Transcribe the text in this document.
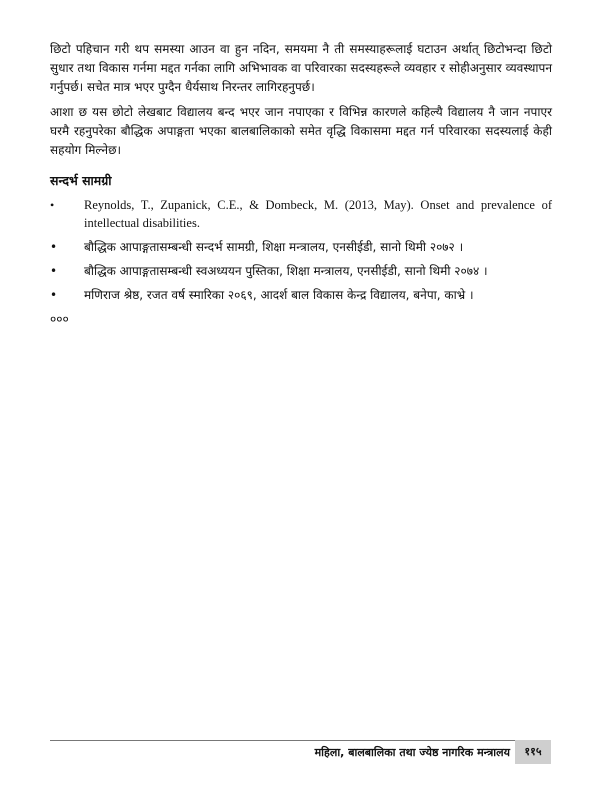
छिटो पहिचान गरी थप समस्या आउन वा हुन नदिन, समयमा नै ती समस्याहरूलाई घटाउन अर्थात् छिटोभन्दा छिटो सुधार तथा विकास गर्नमा मद्दत गर्नका लागि अभिभावक वा परिवारका सदस्यहरूले व्यवहार र सोहीअनुसार व्यवस्थापन गर्नुपर्छ। सचेत मात्र भएर पुग्दैन धैर्यसाथ निरन्तर लागिरहनुपर्छ।

आशा छ यस छोटो लेखबाट विद्यालय बन्द भएर जान नपाएका र विभिन्न कारणले कहिल्यै विद्यालय नै जान नपाएर घरमै रहनुपरेका बौद्धिक अपाङ्गता भएका बालबालिकाको समेत वृद्धि विकासमा मद्दत गर्न परिवारका सदस्यलाई केही सहयोग मिल्नेछ।

सन्दर्भ सामग्री
• Reynolds, T., Zupanick, C.E., & Dombeck, M. (2013, May). Onset and prevalence of intellectual disabilities.
• बौद्धिक आपाङ्गतासम्बन्धी सन्दर्भ सामग्री, शिक्षा मन्त्रालय, एनसीईडी, सानो थिमी २०७२ ।
• बौद्धिक आपाङ्गतासम्बन्धी स्वअध्ययन पुस्तिका, शिक्षा मन्त्रालय, एनसीईडी, सानो थिमी २०७४ ।
• मणिराज श्रेष्ठ, रजत वर्ष स्मारिका २०६९, आदर्श बाल विकास केन्द्र विद्यालय, बनेपा, काभ्रे ।
०००
महिला, बालबालिका तथा ज्येष्ठ नागरिक मन्त्रालय	११५
